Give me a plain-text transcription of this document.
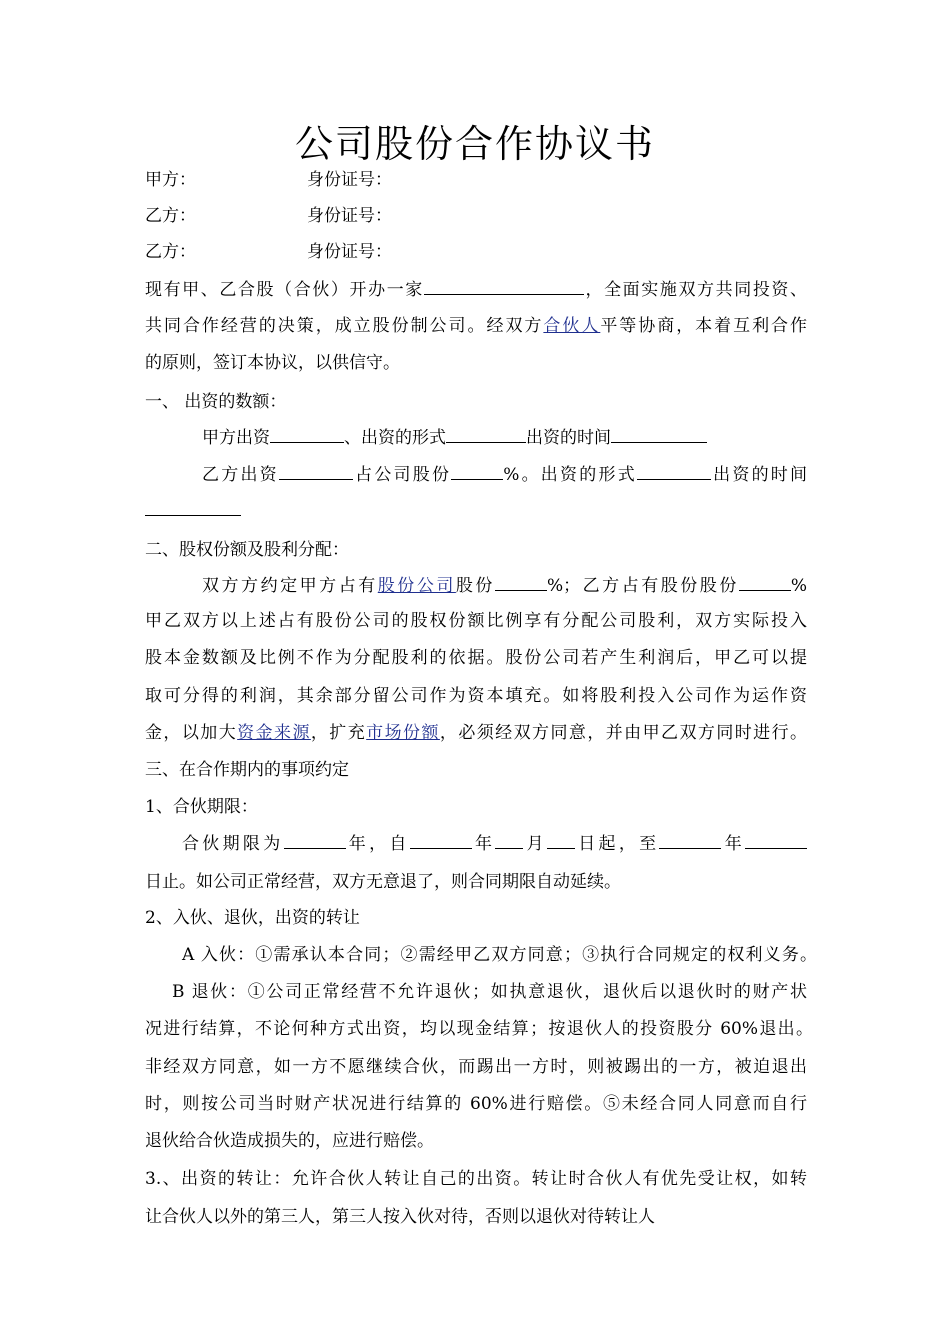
公司股份合作协议书
甲方：	身份证号：
乙方：	身份证号：
乙方：	身份证号：
现有甲、乙合股（合伙）开办一家	，全面实施双方共同投资、
共同合作经营的决策，成立股份制公司。经双方合伙人平等协商，本着互利合作
的原则，签订本协议，以供信守。
一、 出资的数额：
甲方出资	、出资的形式	出资的时间
乙方出资	占公司股份	%。出资的形式	出资的时间
二、股权份额及股利分配：
双方方约定甲方占有股份公司股份	%；乙方占有股份股份	%
甲乙双方以上述占有股份公司的股权份额比例享有分配公司股利，双方实际投入
股本金数额及比例不作为分配股利的依据。股份公司若产生利润后，甲乙可以提
取可分得的利润，其余部分留公司作为资本填充。如将股利投入公司作为运作资
金，以加大资金来源，扩充市场份额，必须经双方同意，并由甲乙双方同时进行。
三、在合作期内的事项约定
1、合伙期限：
合伙期限为	年，自	年 月 日起，至	年
日止。如公司正常经营，双方无意退了，则合同期限自动延续。
2、入伙、退伙，出资的转让
A 入伙：①需承认本合同；②需经甲乙双方同意；③执行合同规定的权利义务。
B 退伙：①公司正常经营不允许退伙；如执意退伙，退伙后以退伙时的财产状
况进行结算，不论何种方式出资，均以现金结算；按退伙人的投资股分 60%退出。
非经双方同意，如一方不愿继续合伙，而踢出一方时，则被踢出的一方，被迫退出
时，则按公司当时财产状况进行结算的 60%进行赔偿。⑤未经合同人同意而自行
退伙给合伙造成损失的，应进行赔偿。
3.、出资的转让：允许合伙人转让自己的出资。转让时合伙人有优先受让权，如转
让合伙人以外的第三人，第三人按入伙对待，否则以退伙对待转让人
